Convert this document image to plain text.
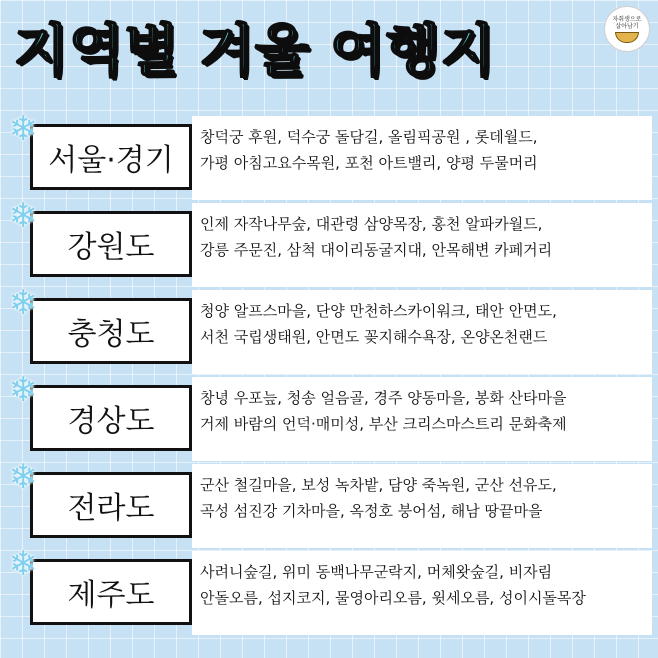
지역별 겨울 여행지	자취생으로
살아남기
서울·경기
❄	창덕궁 후원, 덕수궁 돌담길, 올림픽공원 , 롯데월드,
가평 아침고요수목원, 포천 아트밸리, 양평 두물머리
강원도
❄	인제 자작나무숲, 대관령 삼양목장, 홍천 알파카월드,
강릉 주문진, 삼척 대이리동굴지대, 안목해변 카페거리
충청도
❄	청양 알프스마을, 단양 만천하스카이워크, 태안 안면도,
서천 국립생태원, 안면도 꽂지해수욕장, 온양온천랜드
경상도
❄	창녕 우포늪, 청송 얼음골, 경주 양동마을, 봉화 산타마을
거제 바람의 언덕·매미성, 부산 크리스마스트리 문화축제
전라도
❄	군산 철길마을, 보성 녹차밭, 담양 죽녹원, 군산 선유도,
곡성 섬진강 기차마을, 옥정호 붕어섬, 해남 땅끝마을
제주도
❄	사려니숲길, 위미 동백나무군락지, 머체왓숲길, 비자림
안돌오름, 섭지코지, 물영아리오름, 윗세오름, 성이시돌목장
